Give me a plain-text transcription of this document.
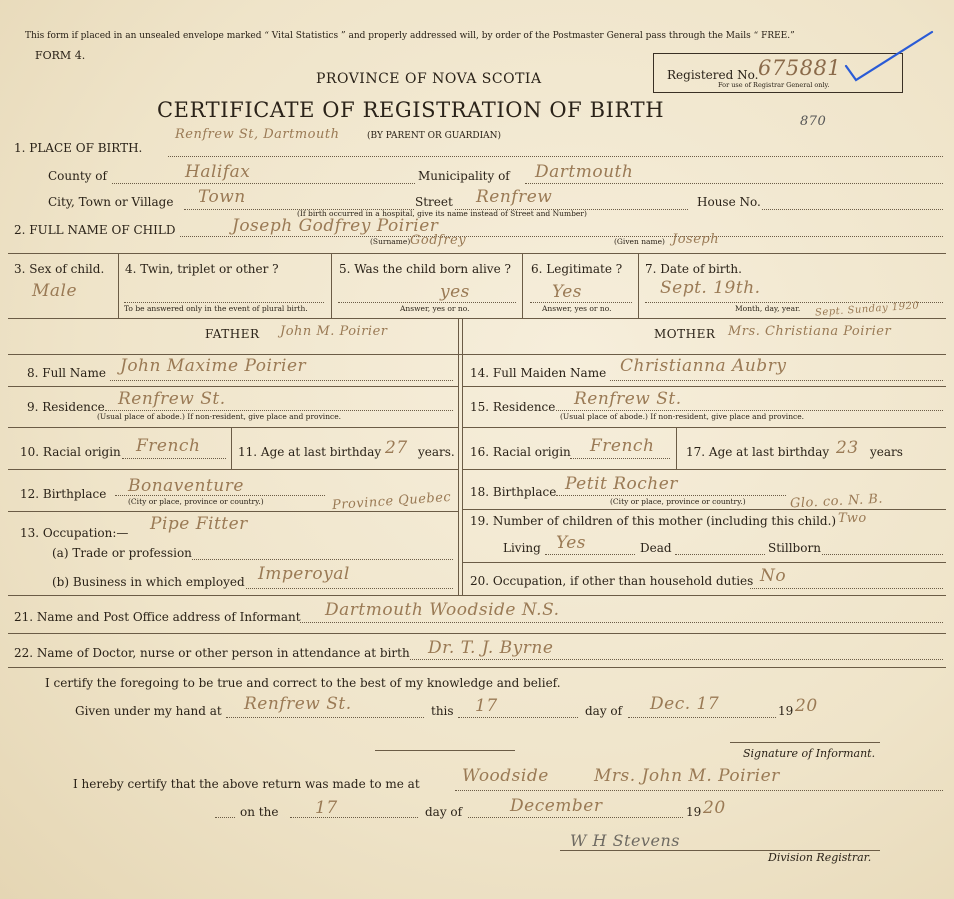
This form if placed in an unsealed envelope marked “ Vital Statistics ” and properly addressed will, by order of the Postmaster General pass through the Mails “ FREE.”
FORM 4.
PROVINCE OF NOVA SCOTIA
CERTIFICATE OF REGISTRATION OF BIRTH
(BY PARENT OR GUARDIAN)
Registered No. 675881
For use of Registrar General only.
870
1. PLACE OF BIRTH.
Renfrew St, Dartmouth
County of	Halifax	Municipality of Dartmouth
City, Town or Village Town	Street Renfrew	House No.
(If birth occurred in a hospital, give its name instead of Street and Number)
2. FULL NAME OF CHILD	Joseph Godfrey Poirier
(Surname) Godfrey	(Given name) Joseph
3. Sex of child.
Male
4. Twin, triplet or other ?
To be answered only in the event of plural birth.
5. Was the child born alive ?
yes
Answer, yes or no.
6. Legitimate ?
Yes
Answer, yes or no.
7. Date of birth.
Sept. 19th.
Month, day, year. Sept. Sunday 1920
FATHER John M. Poirier	MOTHER Mrs. Christiana Poirier
8. Full Name John Maxime Poirier
9. Residence Renfrew St.
(Usual place of abode.) If non-resident, give place and province.
10. Racial origin French	11. Age at last birthday 27 years.
12. Birthplace Bonaventure
Province Quebec
(City or place, province or country.)
13. Occupation:— Pipe Fitter
(a) Trade or profession
(b) Business in which employed Imperoyal
14. Full Maiden Name Christianna Aubry
15. Residence Renfrew St.
(Usual place of abode.) If non-resident, give place and province.
16. Racial origin French	17. Age at last birthday 23 years
18. Birthplace Petit Rocher
Glo. co. N. B.
(City or place, province or country.)
19. Number of children of this mother (including this child.) Two
Living Yes	Dead	Stillborn
20. Occupation, if other than household duties No
21. Name and Post Office address of Informant Dartmouth Woodside N.S.
22. Name of Doctor, nurse or other person in attendance at birth Dr. T. J. Byrne
I certify the foregoing to be true and correct to the best of my knowledge and belief.
Given under my hand at Renfrew St.	this 17	day of Dec. 17	19 20
Signature of Informant.
I hereby certify that the above return was made to me at Woodside	Mrs. John M. Poirier
on the 17	day of	December	19 20
W H Stevens
Division Registrar.
